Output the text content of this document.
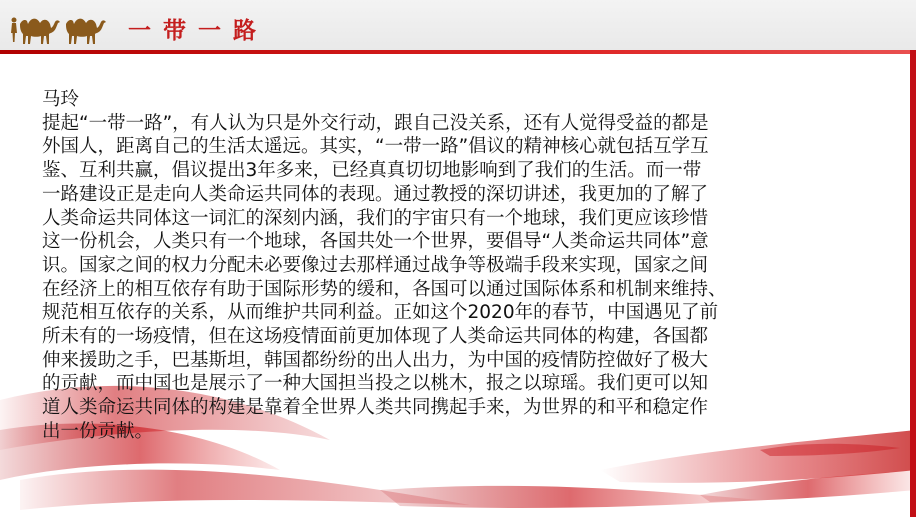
一 带 一 路
马玲
提起“一带一路”，有人认为只是外交行动，跟自己没关系，还有人觉得受益的都是
外国人，距离自己的生活太遥远。其实，“一带一路”倡议的精神核心就包括互学互
鉴、互利共赢，倡议提出3年多来，已经真真切切地影响到了我们的生活。而一带
一路建设正是走向人类命运共同体的表现。通过教授的深切讲述，我更加的了解了
人类命运共同体这一词汇的深刻内涵，我们的宇宙只有一个地球，我们更应该珍惜
这一份机会，人类只有一个地球，各国共处一个世界，要倡导“人类命运共同体”意
识。国家之间的权力分配未必要像过去那样通过战争等极端手段来实现，国家之间
在经济上的相互依存有助于国际形势的缓和，各国可以通过国际体系和机制来维持、
规范相互依存的关系，从而维护共同利益。正如这个2020年的春节，中国遇见了前
所未有的一场疫情，但在这场疫情面前更加体现了人类命运共同体的构建，各国都
伸来援助之手，巴基斯坦，韩国都纷纷的出人出力，为中国的疫情防控做好了极大
的贡献，而中国也是展示了一种大国担当投之以桃木，报之以琼瑶。我们更可以知
道人类命运共同体的构建是靠着全世界人类共同携起手来，为世界的和平和稳定作
出一份贡献。
